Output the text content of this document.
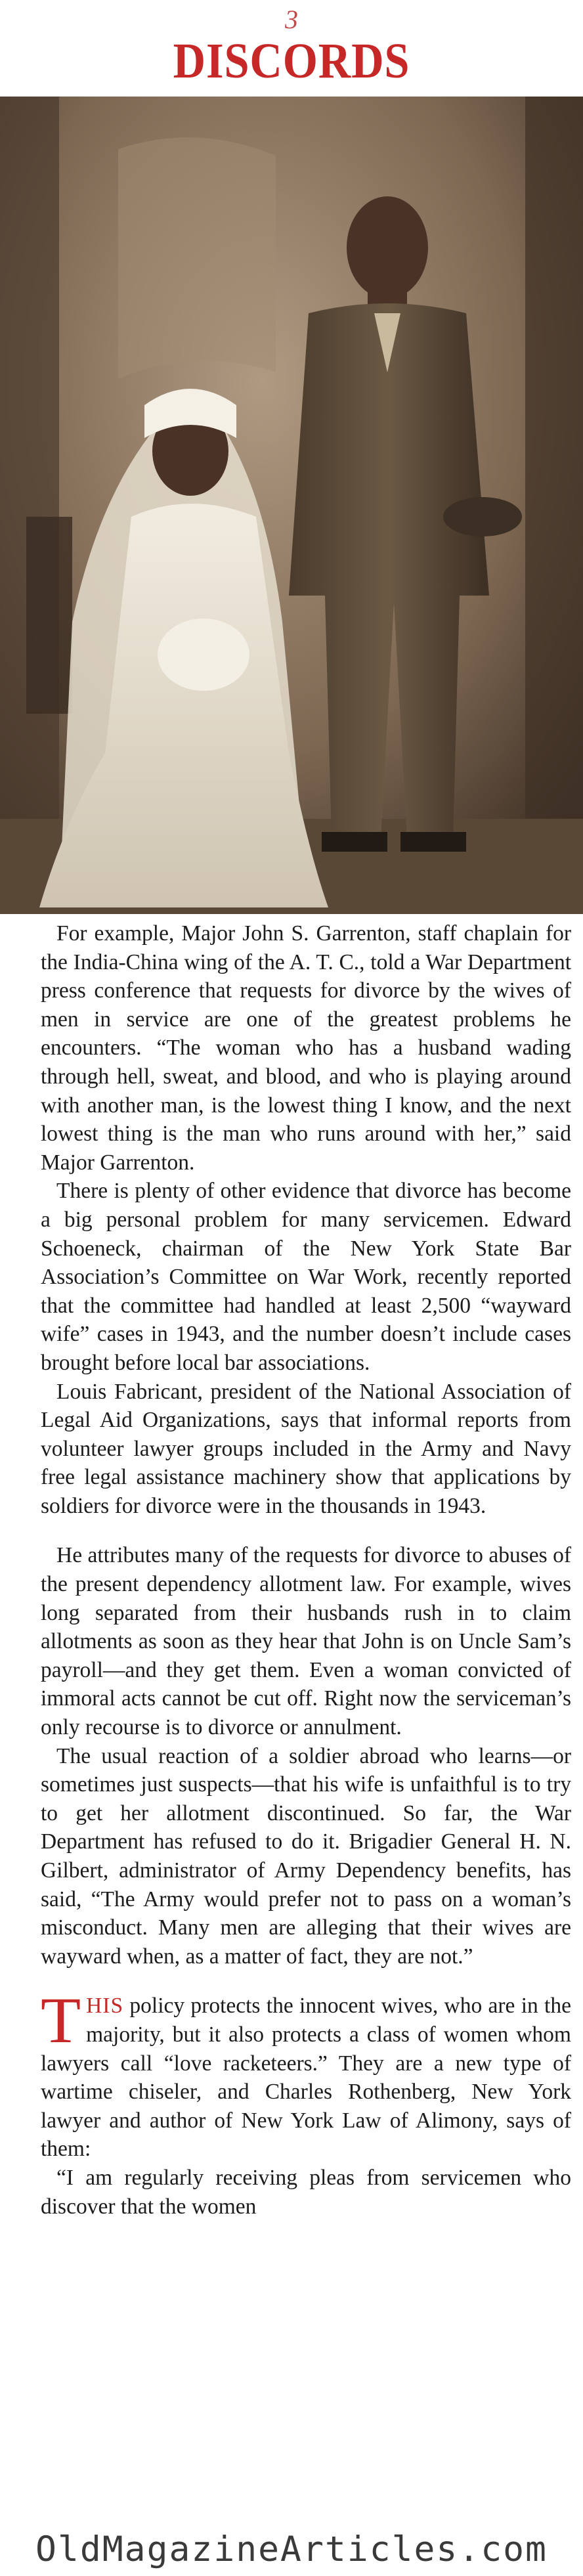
3
DISCORDS

For example, Major John S. Garrenton, staff chaplain for the India-China wing of the A. T. C., told a War Department press conference that requests for divorce by the wives of men in service are one of the greatest problems he encounters. “The woman who has a husband wading through hell, sweat, and blood, and who is playing around with another man, is the lowest thing I know, and the next lowest thing is the man who runs around with her,” said Major Garrenton.

There is plenty of other evidence that divorce has become a big personal problem for many servicemen. Edward Schoeneck, chairman of the New York State Bar Association’s Committee on War Work, recently reported that the committee had handled at least 2,500 “wayward wife” cases in 1943, and the number doesn’t include cases brought before local bar associations.

Louis Fabricant, president of the National Association of Legal Aid Organizations, says that informal reports from volunteer lawyer groups included in the Army and Navy free legal assistance machinery show that applications by soldiers for divorce were in the thousands in 1943.

He attributes many of the requests for divorce to abuses of the present dependency allotment law. For example, wives long separated from their husbands rush in to claim allotments as soon as they hear that John is on Uncle Sam’s payroll—and they get them. Even a woman convicted of immoral acts cannot be cut off. Right now the serviceman’s only recourse is to divorce or annulment.

The usual reaction of a soldier abroad who learns—or sometimes just suspects—that his wife is unfaithful is to try to get her allotment discontinued. So far, the War Department has refused to do it. Brigadier General H. N. Gilbert, administrator of Army Dependency benefits, has said, “The Army would prefer not to pass on a woman’s misconduct. Many men are alleging that their wives are wayward when, as a matter of fact, they are not.”

THIS policy protects the innocent wives, who are in the majority, but it also protects a class of women whom lawyers call “love racketeers.” They are a new type of wartime chiseler, and Charles Rothenberg, New York lawyer and author of New York Law of Alimony, says of them:

“I am regularly receiving pleas from servicemen who discover that the women

OldMagazineArticles.com
